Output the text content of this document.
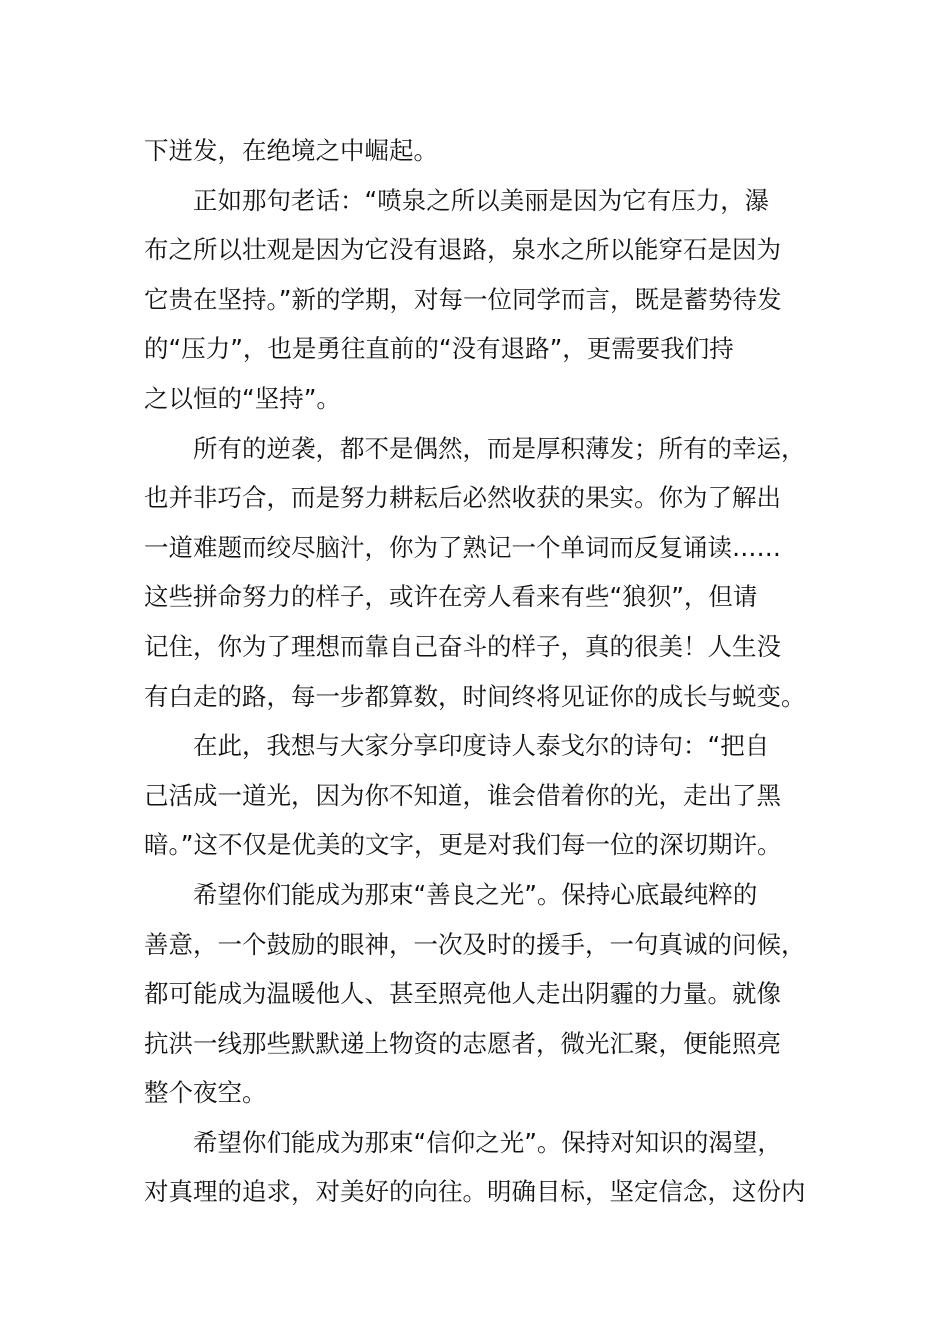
下迸发，在绝境之中崛起。
　　正如那句老话：“喷泉之所以美丽是因为它有压力，瀑
布之所以壮观是因为它没有退路，泉水之所以能穿石是因为
它贵在坚持。”新的学期，对每一位同学而言，既是蓄势待发
的“压力”，也是勇往直前的“没有退路”，更需要我们持
之以恒的“坚持”。
　　所有的逆袭，都不是偶然，而是厚积薄发；所有的幸运，
也并非巧合，而是努力耕耘后必然收获的果实。你为了解出
一道难题而绞尽脑汁，你为了熟记一个单词而反复诵读……
这些拼命努力的样子，或许在旁人看来有些“狼狈”，但请
记住，你为了理想而靠自己奋斗的样子，真的很美！人生没
有白走的路，每一步都算数，时间终将见证你的成长与蜕变。
　　在此，我想与大家分享印度诗人泰戈尔的诗句：“把自
己活成一道光，因为你不知道，谁会借着你的光，走出了黑
暗。”这不仅是优美的文字，更是对我们每一位的深切期许。
　　希望你们能成为那束“善良之光”。保持心底最纯粹的
善意，一个鼓励的眼神，一次及时的援手，一句真诚的问候，
都可能成为温暖他人、甚至照亮他人走出阴霾的力量。就像
抗洪一线那些默默递上物资的志愿者，微光汇聚，便能照亮
整个夜空。
　　希望你们能成为那束“信仰之光”。保持对知识的渴望，
对真理的追求，对美好的向往。明确目标，坚定信念，这份内
